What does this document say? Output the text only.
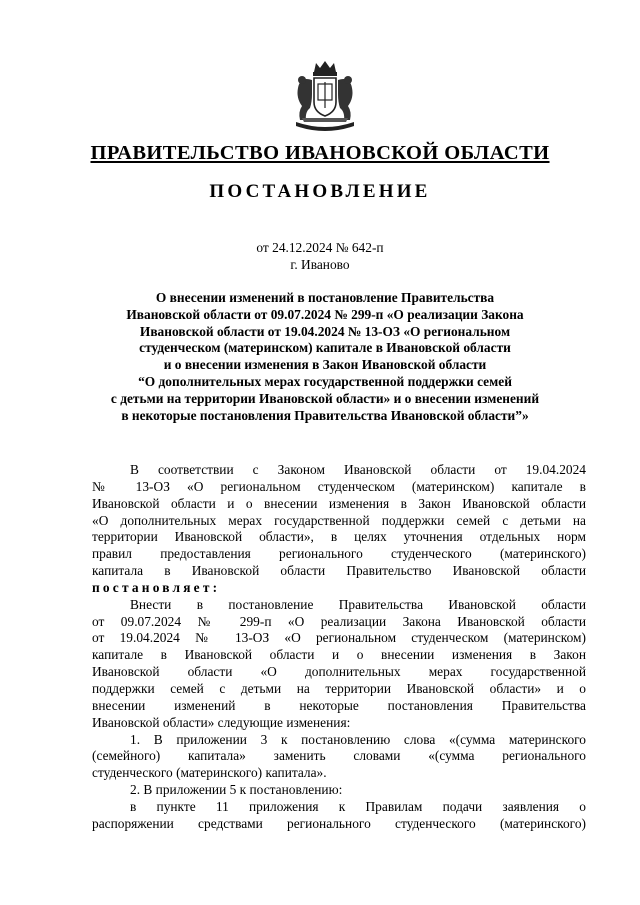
ПРАВИТЕЛЬСТВО ИВАНОВСКОЙ ОБЛАСТИ
ПОСТАНОВЛЕНИЕ
от 24.12.2024 № 642-п
г. Иваново
О внесении изменений в постановление Правительства
Ивановской области от 09.07.2024 № 299-п «О реализации Закона
Ивановской области от 19.04.2024 № 13-ОЗ «О региональном
студенческом (материнском) капитале в Ивановской области
и о внесении изменения в Закон Ивановской области
“О дополнительных мерах государственной поддержки семей
с детьми на территории Ивановской области» и о внесении изменений
в некоторые постановления Правительства Ивановской области”»

В соответствии с Законом Ивановской области от 19.04.2024

№ 13-ОЗ «О региональном студенческом (материнском) капитале в

Ивановской области и о внесении изменения в Закон Ивановской области

«О дополнительных мерах государственной поддержки семей с детьми на

территории Ивановской области», в целях уточнения отдельных норм

правил предоставления регионального студенческого (материнского)

капитала в Ивановской области Правительство Ивановской области

постановляет:

Внести в постановление Правительства Ивановской области

от 09.07.2024 № 299-п «О реализации Закона Ивановской области

от 19.04.2024 № 13-ОЗ «О региональном студенческом (материнском)

капитале в Ивановской области и о внесении изменения в Закон

Ивановской области «О дополнительных мерах государственной

поддержки семей с детьми на территории Ивановской области» и о

внесении изменений в некоторые постановления Правительства

Ивановской области» следующие изменения:

1. В приложении 3 к постановлению слова «(сумма материнского

(семейного) капитала» заменить словами «(сумма регионального

студенческого (материнского) капитала».

2. В приложении 5 к постановлению:

в пункте 11 приложения к Правилам подачи заявления о

распоряжении средствами регионального студенческого (материнского)
